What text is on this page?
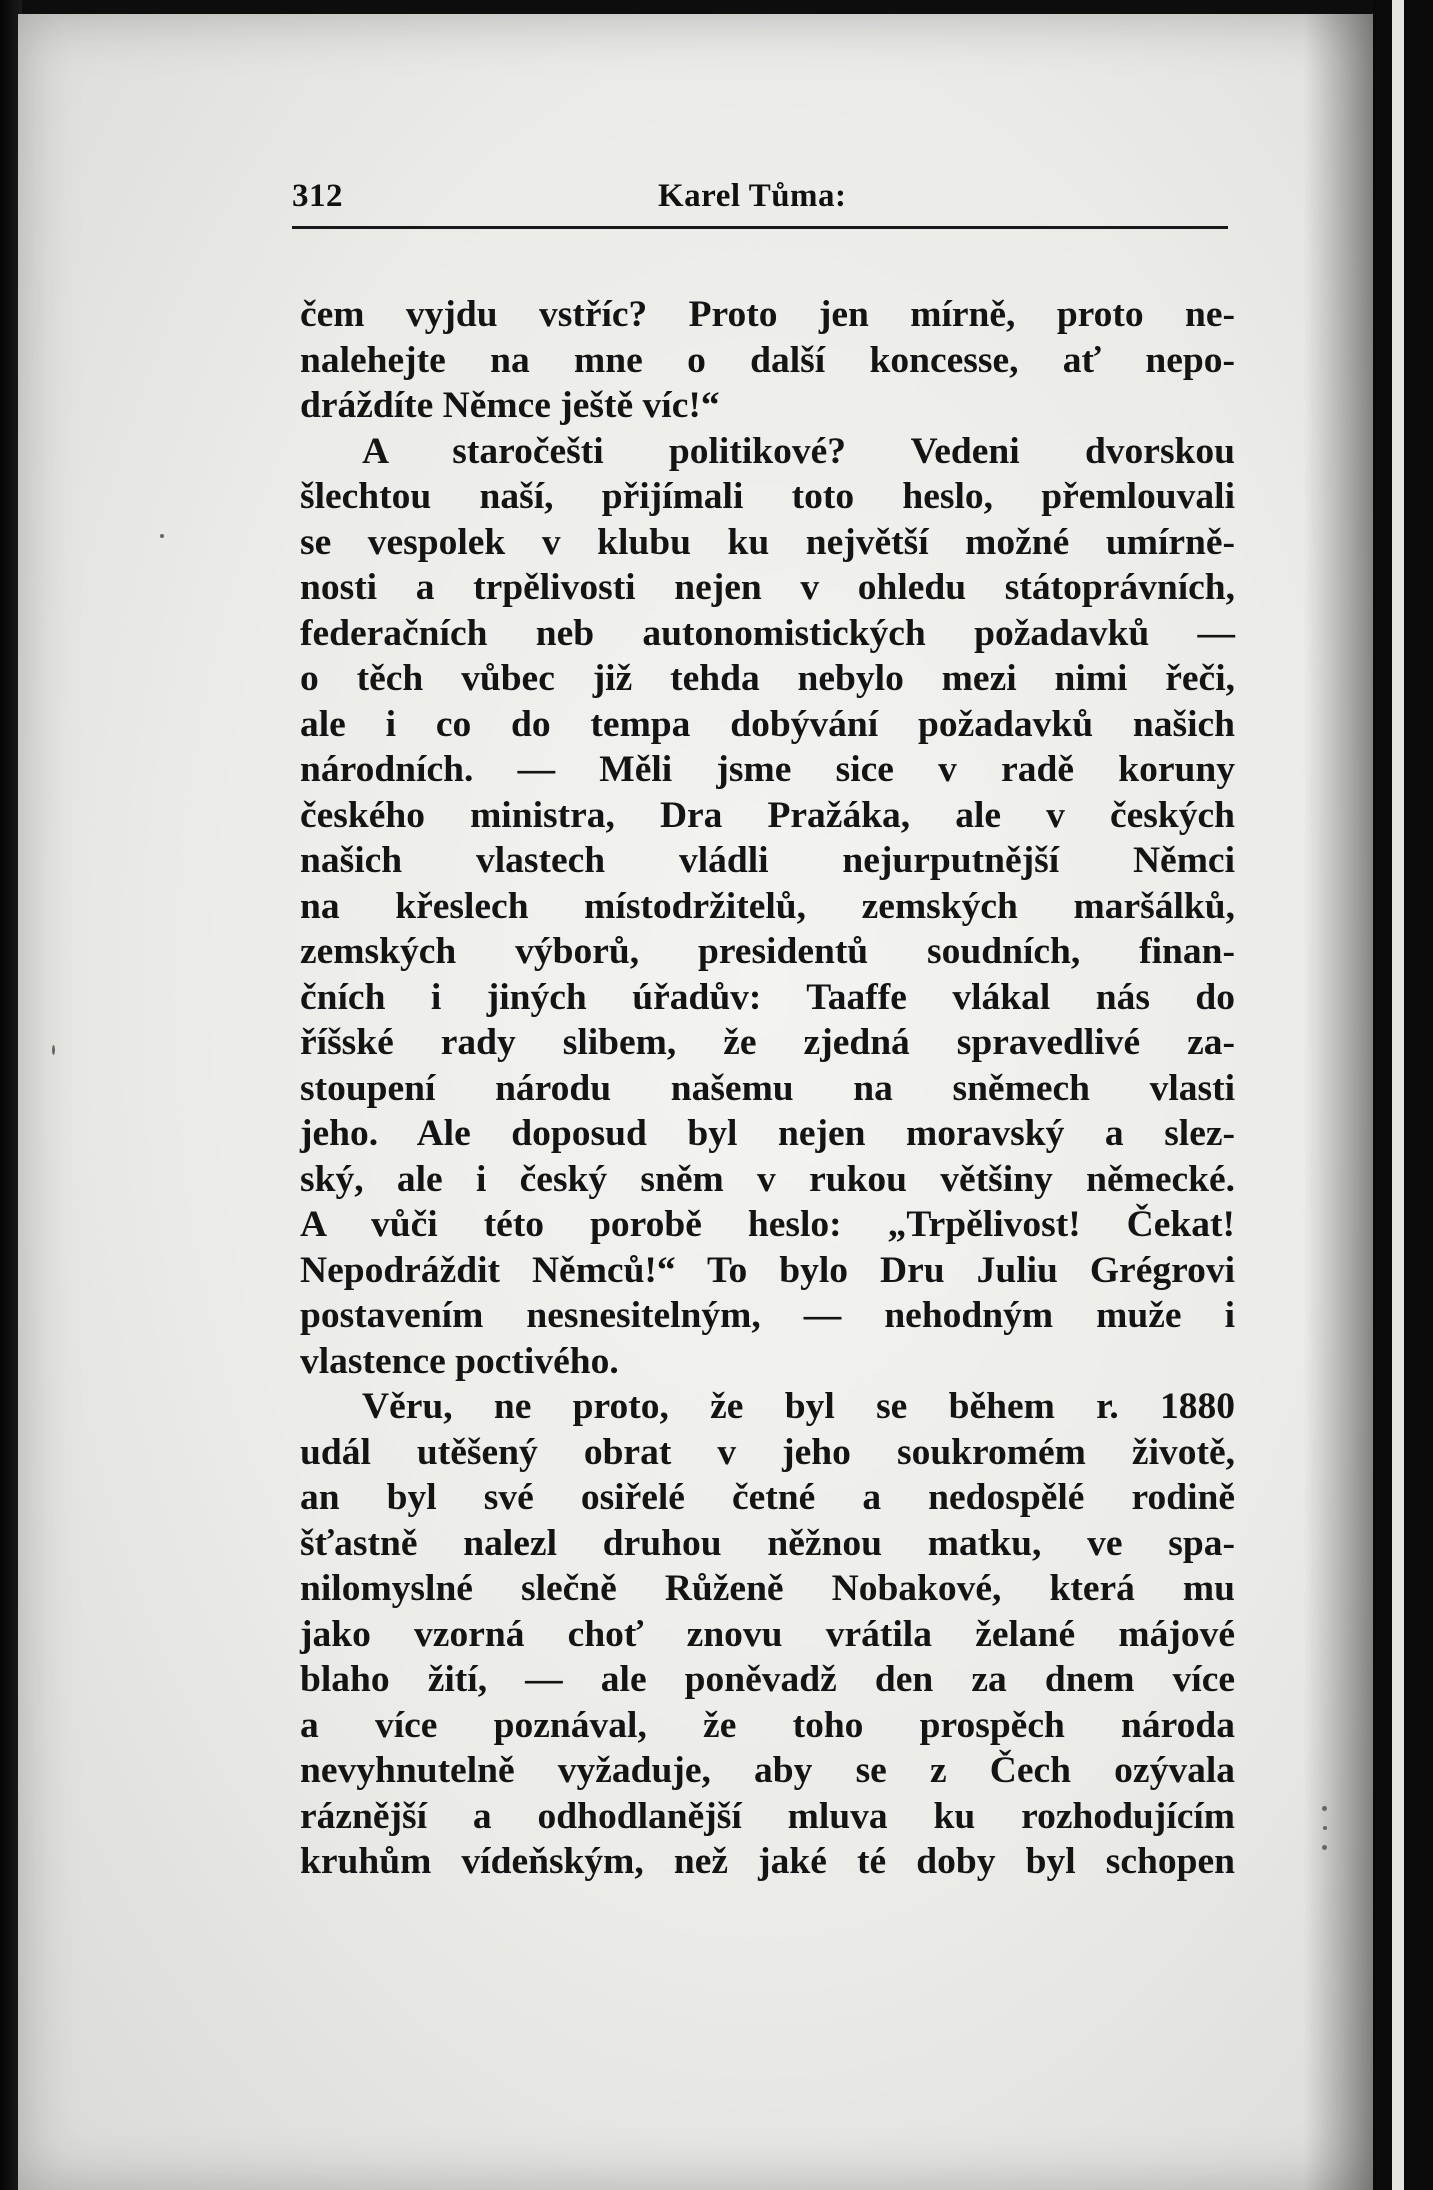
312	Karel Tůma:
čem vyjdu vstříc? Proto jen mírně, proto ne-
nalehejte na mne o další koncesse, ať nepo-
dráždíte Němce ještě víc!“
A staročešti politikové? Vedeni dvorskou
šlechtou naší, přijímali toto heslo, přemlouvali
se vespolek v klubu ku největší možné umírně-
nosti a trpělivosti nejen v ohledu státoprávních,
federačních neb autonomistických požadavků —
o těch vůbec již tehda nebylo mezi nimi řeči,
ale i co do tempa dobývání požadavků našich
národních. — Měli jsme sice v radě koruny
českého ministra, Dra Pražáka, ale v českých
našich vlastech vládli nejurputnější Němci
na křeslech místodržitelů, zemských maršálků,
zemských výborů, presidentů soudních, finan-
čních i jiných úřadův: Taaffe vlákal nás do
říšské rady slibem, že zjedná spravedlivé za-
stoupení národu našemu na sněmech vlasti
jeho. Ale doposud byl nejen moravský a slez-
ský, ale i český sněm v rukou většiny německé.
A vůči této porobě heslo: „Trpělivost! Čekat!
Nepodráždit Němců!“ To bylo Dru Juliu Grégrovi
postavením nesnesitelným, — nehodným muže i
vlastence poctivého.
Věru, ne proto, že byl se během r. 1880
udál utěšený obrat v jeho soukromém životě,
an byl své osiřelé četné a nedospělé rodině
šťastně nalezl druhou něžnou matku, ve spa-
nilomyslné slečně Růženě Nobakové, která mu
jako vzorná choť znovu vrátila želané májové
blaho žití, — ale poněvadž den za dnem více
a více poznával, že toho prospěch národa
nevyhnutelně vyžaduje, aby se z Čech ozývala
ráznější a odhodlanější mluva ku rozhodujícím
kruhům vídeňským, než jaké té doby byl schopen
